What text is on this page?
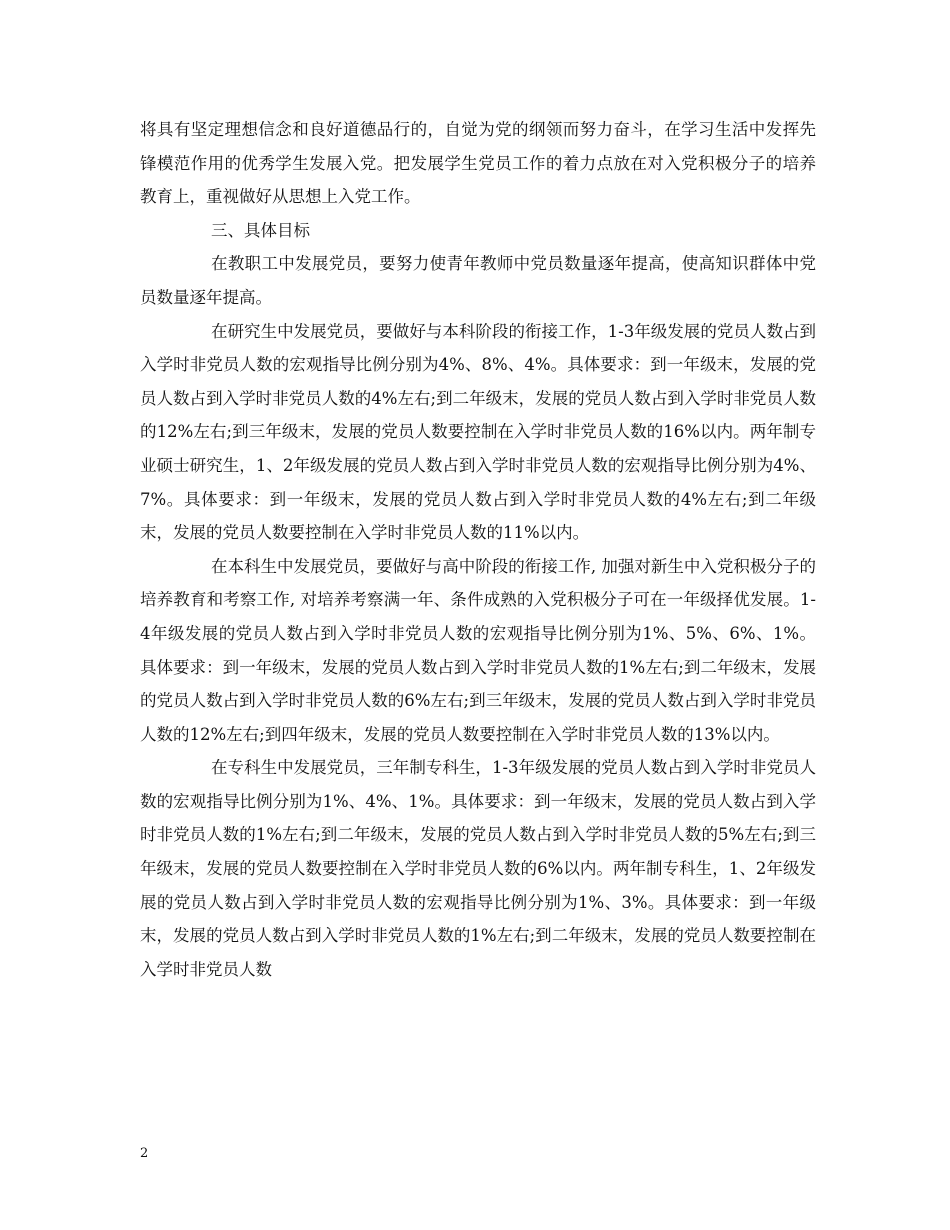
将具有坚定理想信念和良好道德品行的，自觉为党的纲领而努力奋斗，在学习生活中发挥先锋模范作用的优秀学生发展入党。把发展学生党员工作的着力点放在对入党积极分子的培养教育上，重视做好从思想上入党工作。

三、具体目标

在教职工中发展党员，要努力使青年教师中党员数量逐年提高，使高知识群体中党员数量逐年提高。

在研究生中发展党员，要做好与本科阶段的衔接工作，1-3年级发展的党员人数占到入学时非党员人数的宏观指导比例分别为4%、8%、4%。具体要求：到一年级末，发展的党员人数占到入学时非党员人数的4%左右;到二年级末，发展的党员人数占到入学时非党员人数的12%左右;到三年级末，发展的党员人数要控制在入学时非党员人数的16%以内。两年制专业硕士研究生，1、2年级发展的党员人数占到入学时非党员人数的宏观指导比例分别为4%、7%。具体要求：到一年级末，发展的党员人数占到入学时非党员人数的4%左右;到二年级末，发展的党员人数要控制在入学时非党员人数的11%以内。

在本科生中发展党员，要做好与高中阶段的衔接工作, 加强对新生中入党积极分子的培养教育和考察工作, 对培养考察满一年、条件成熟的入党积极分子可在一年级择优发展。1-4年级发展的党员人数占到入学时非党员人数的宏观指导比例分别为1%、5%、6%、1%。具体要求：到一年级末，发展的党员人数占到入学时非党员人数的1%左右;到二年级末，发展的党员人数占到入学时非党员人数的6%左右;到三年级末，发展的党员人数占到入学时非党员人数的12%左右;到四年级末，发展的党员人数要控制在入学时非党员人数的13%以内。

在专科生中发展党员，三年制专科生，1-3年级发展的党员人数占到入学时非党员人数的宏观指导比例分别为1%、4%、1%。具体要求：到一年级末，发展的党员人数占到入学时非党员人数的1%左右;到二年级末，发展的党员人数占到入学时非党员人数的5%左右;到三年级末，发展的党员人数要控制在入学时非党员人数的6%以内。两年制专科生，1、2年级发展的党员人数占到入学时非党员人数的宏观指导比例分别为1%、3%。具体要求：到一年级末，发展的党员人数占到入学时非党员人数的1%左右;到二年级末，发展的党员人数要控制在入学时非党员人数

2
